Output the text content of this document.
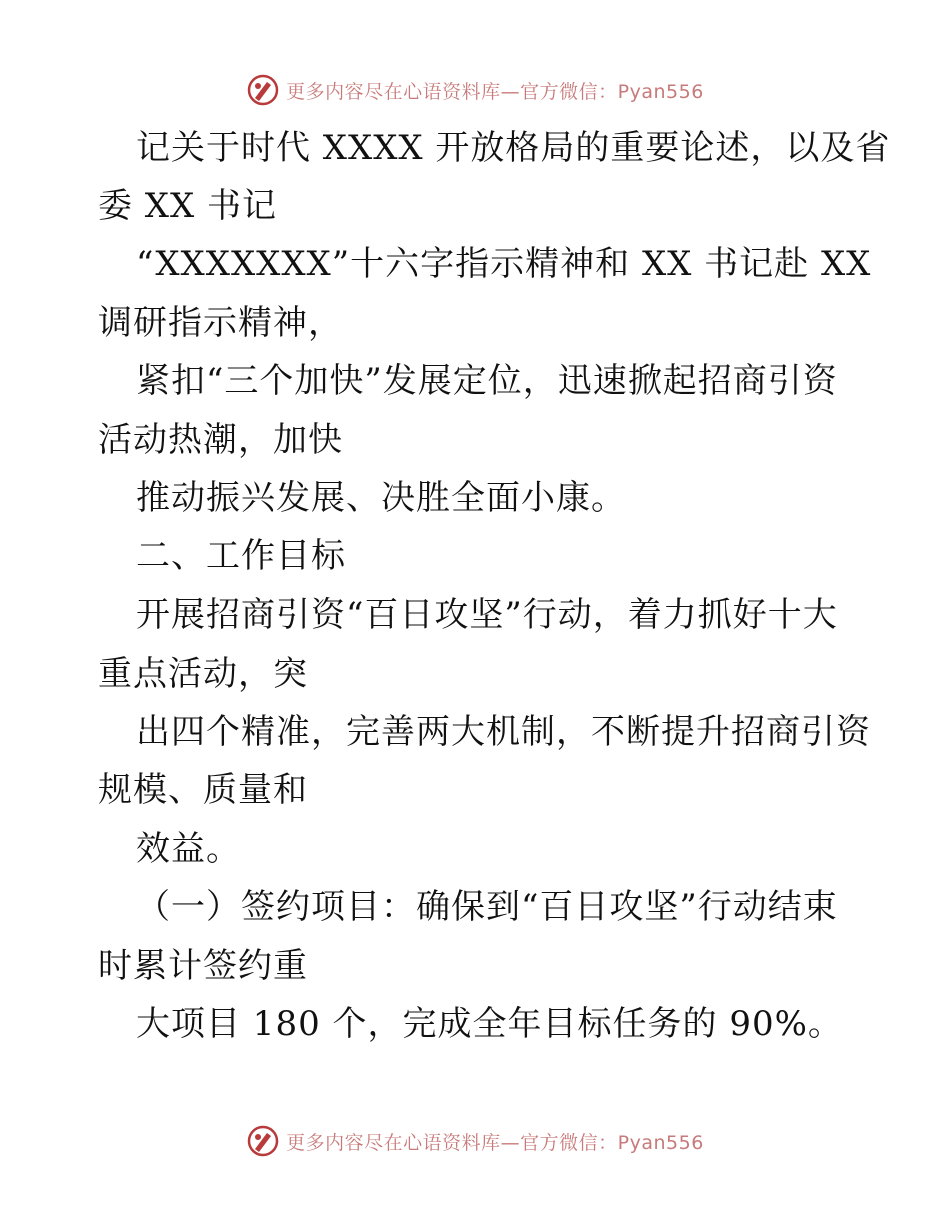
更多内容尽在心语资料库—官方微信：Pyan556
记关于时代 XXXX 开放格局的重要论述，以及省
委 XX 书记
“XXXXXXX”十六字指示精神和 XX 书记赴 XX
调研指示精神，
紧扣“三个加快”发展定位，迅速掀起招商引资
活动热潮，加快
推动振兴发展、决胜全面小康。
二、工作目标
开展招商引资“百日攻坚”行动，着力抓好十大
重点活动，突
出四个精准，完善两大机制，不断提升招商引资
规模、质量和
效益。
（一）签约项目：确保到“百日攻坚”行动结束
时累计签约重
大项目 180 个，完成全年目标任务的 90%。
更多内容尽在心语资料库—官方微信：Pyan556
